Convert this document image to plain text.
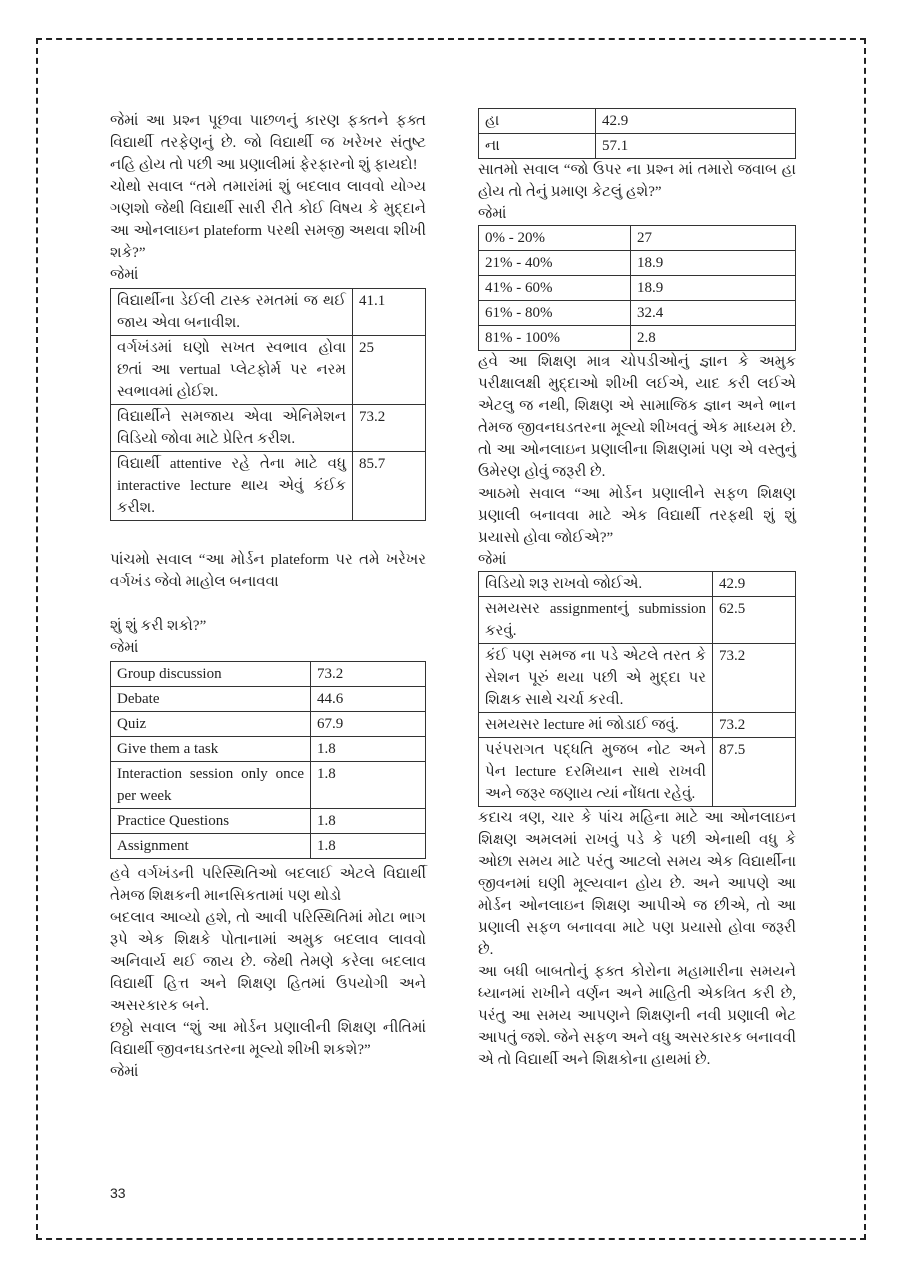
જેમાં આ પ્રશ્ન પૂછવા પાછળનું કારણ ફક્તને ફક્ત વિદ્યાર્થી તરફેણનું છે. જો વિદ્યાર્થી જ ખરેખર સંતુષ્ટ નહિ હોય તો પછી આ પ્રણાલીમાં ફેરફારનો શું ફાયદો!

ચોથો સવાલ “તમે તમારાંમાં શું બદલાવ લાવવો યોગ્ય ગણશો જેથી વિદ્યાર્થી સારી રીતે કોઈ વિષય કે મુદ્દાને આ ઓનલાઇન plateform પરથી સમજી અથવા શીખી શકે?”

જેમાં

વિદ્યાર્થીના ડેઈલી ટાસ્ક રમતમાં જ થઈ જાય એવા બનાવીશ.	41.1
વર્ગખંડમાં ઘણો સખત સ્વભાવ હોવા છતાં આ vertual પ્લેટફોર્મ પર નરમ સ્વભાવમાં હોઈશ.	25
વિદ્યાર્થીને સમજાય એવા એનિમેશન વિડિયો જોવા માટે પ્રેરિત કરીશ.	73.2
વિદ્યાર્થી attentive રહે તેના માટે વધુ interactive lecture થાય એવું કંઈક કરીશ.	85.7

પાંચમો સવાલ “આ મોર્ડન plateform પર તમે ખરેખર વર્ગખંડ જેવો માહોલ બનાવવા

શું શું કરી શકો?”

જેમાં

Group discussion	73.2
Debate	44.6
Quiz	67.9
Give them a task	1.8
Interaction session only once per week	1.8
Practice Questions	1.8
Assignment	1.8

હવે વર્ગખંડની પરિસ્થિતિઓ બદલાઈ એટલે વિદ્યાર્થી તેમજ શિક્ષકની માનસિકતામાં પણ થોડો

બદલાવ આવ્યો હશે, તો આવી પરિસ્થિતિમાં મોટા ભાગ રૂપે એક શિક્ષકે પોતાનામાં અમુક બદલાવ લાવવો અનિવાર્ય થઈ જાય છે. જેથી તેમણે કરેલા બદલાવ વિદ્યાર્થી હિત્ત અને શિક્ષણ હિતમાં ઉપયોગી અને અસરકારક બને.

છઠ્ઠો સવાલ “શું આ મોર્ડન પ્રણાલીની શિક્ષણ નીતિમાં વિદ્યાર્થી જીવનઘડતરના મૂલ્યો શીખી શકશે?”

જેમાં

હા	42.9
ના	57.1

સાતમો સવાલ “જો ઉપર ના પ્રશ્ન માં તમારો જવાબ હા હોય તો તેનું પ્રમાણ કેટલું હશે?”

જેમાં

0% - 20%	27
21% - 40%	18.9
41% - 60%	18.9
61% - 80%	32.4
81% - 100%	2.8

હવે આ શિક્ષણ માત્ર ચોપડીઓનું જ્ઞાન કે અમુક પરીક્ષાલક્ષી મુદ્દાઓ શીખી લઈએ, યાદ કરી લઈએ એટલુ જ નથી, શિક્ષણ એ સામાજિક જ્ઞાન અને ભાન તેમજ જીવનઘડતરના મૂલ્યો શીખવતું એક માધ્યમ છે. તો આ ઓનલાઇન પ્રણાલીના શિક્ષણમાં પણ એ વસ્તુનું ઉમેરણ હોવું જરૂરી છે.

આઠમો સવાલ “આ મોર્ડન પ્રણાલીને સફળ શિક્ષણ પ્રણાલી બનાવવા માટે એક વિદ્યાર્થી તરફથી શું શું પ્રયાસો હોવા જોઈએ?”

જેમાં

વિડિયો શરૂ રાખવો જોઈએ.	42.9
સમયસર assignmentનું submission કરવું.	62.5
કંઈ પણ સમજ ના પડે એટલે તરત કે સેશન પૂરું થયા પછી એ મુદ્દા પર શિક્ષક સાથે ચર્ચા કરવી.	73.2
સમયસર lecture માં જોડાઈ જવું.	73.2
પરંપરાગત પદ્ધતિ મુજબ નોટ અને પેન lecture દરમિયાન સાથે રાખવી અને જરૂર જણાય ત્યાં નોંધતા રહેવું.	87.5

કદાચ ત્રણ, ચાર કે પાંચ મહિના માટે આ ઓનલાઇન શિક્ષણ અમલમાં રાખવું પડે કે પછી એનાથી વધુ કે ઓછા સમય માટે પરંતુ આટલો સમય એક વિદ્યાર્થીના જીવનમાં ઘણી મૂલ્યવાન હોય છે. અને આપણે આ મોર્ડન ઓનલાઇન શિક્ષણ આપીએ જ છીએ, તો આ પ્રણાલી સફળ બનાવવા માટે પણ પ્રયાસો હોવા જરૂરી છે.

આ બધી બાબતોનું ફક્ત કોરોના મહામારીના સમયને ધ્યાનમાં રાખીને વર્ણન અને માહિતી એકત્રિત કરી છે, પરંતુ આ સમય આપણને શિક્ષણની નવી પ્રણાલી ભેટ આપતું જશે. જેને સફળ અને વધુ અસરકારક બનાવવી એ તો વિદ્યાર્થી અને શિક્ષકોના હાથમાં છે.

33
